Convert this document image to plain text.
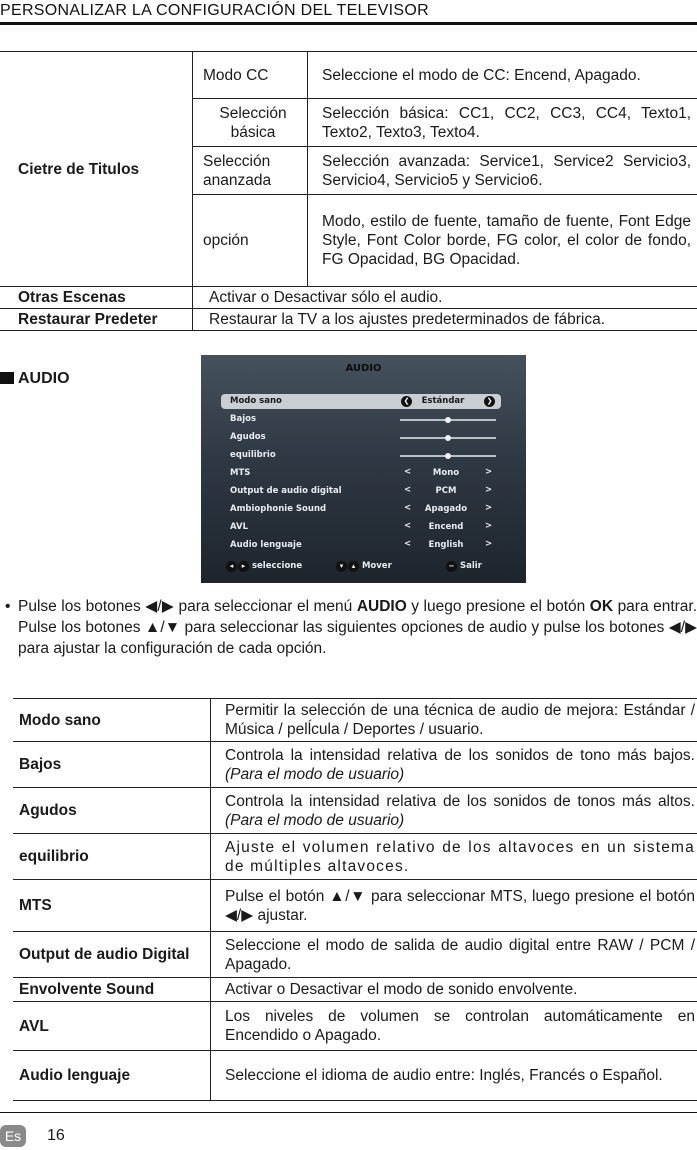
PERSONALIZAR LA CONFIGURACIÓN DEL TELEVISOR
Cietre de Titulos	Modo CC	Seleccione el modo de CC: Encend, Apagado.
	Selección básica	Selección básica: CC1, CC2, CC3, CC4, Texto1, Texto2, Texto3, Texto4.
	Selección ananzada	Selección avanzada: Service1, Service2 Servicio3, Servicio4, Servicio5 y Servicio6.
	opción	Modo, estilo de fuente, tamaño de fuente, Font Edge Style, Font Color borde, FG color, el color de fondo, FG Opacidad, BG Opacidad.
Otras Escenas	Activar o Desactivar sólo el audio.	
Restaurar Predeter	Restaurar la TV a los ajustes predeterminados de fábrica.	
AUDIO
AUDIO
Modo sano	❮	Estándar	❯
Bajos
Agudos
equilibrio
MTS	<	Mono	>
Output de audio digital	<	PCM	>
Ambiophonie Sound	<	Apagado	>
AVL	<	Encend	>
Audio lenguaje	<	English	>
◂ ▸ seleccione	▾ ▴ Mover	− Salir
• Pulse los botones ◀/▶ para seleccionar el menú AUDIO y luego presione el botón OK para entrar. Pulse los botones ▲/▼ para seleccionar las siguientes opciones de audio y pulse los botones ◀/▶ para ajustar la configuración de cada opción.
Modo sano	Permitir la selección de una técnica de audio de mejora: Estándar / Música / pelĺcula / Deportes / usuario.
Bajos	Controla la intensidad relativa de los sonidos de tono más bajos. (Para el modo de usuario)
Agudos	Controla la intensidad relativa de los sonidos de tonos más altos. (Para el modo de usuario)
equilibrio	Ajuste el volumen relativo de los altavoces en un sistema de múltiples altavoces.
MTS	Pulse el botón ▲/▼ para seleccionar MTS, luego presione el botón ◀/▶ ajustar.
Output de audio Digital	Seleccione el modo de salida de audio digital entre RAW / PCM / Apagado.
Envolvente Sound	Activar o Desactivar el modo de sonido envolvente.
AVL	Los niveles de volumen se controlan automáticamente en Encendido o Apagado.
Audio lenguaje	Seleccione el idioma de audio entre: Inglés, Francés o Español.
Es	16
